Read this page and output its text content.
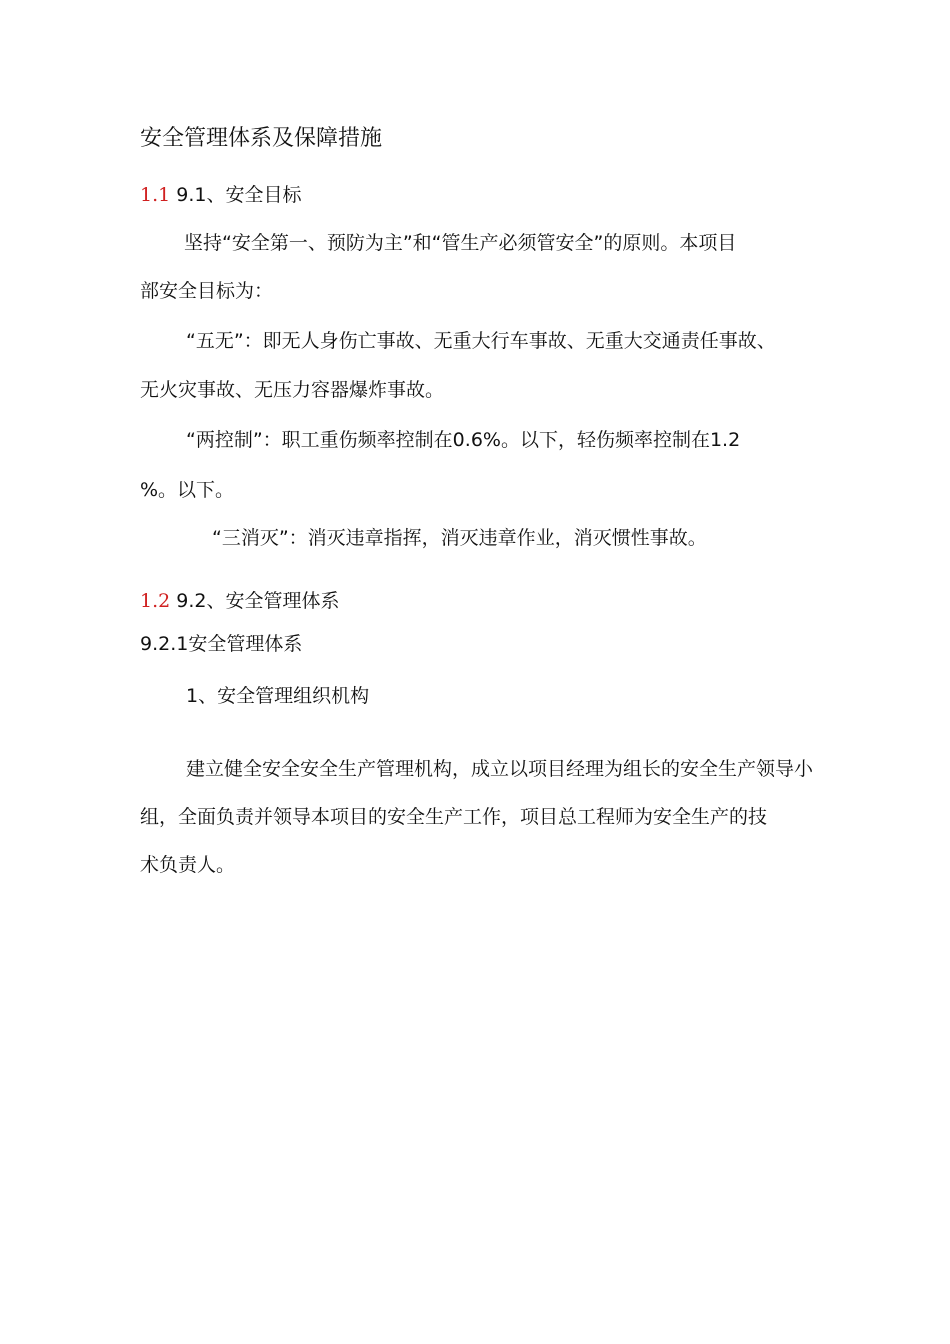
安全管理体系及保障措施
1.1 9.1、安全目标
坚持“安全第一、预防为主”和“管生产必须管安全”的原则。本项目
部安全目标为：
“五无”：即无人身伤亡事故、无重大行车事故、无重大交通责任事故、
无火灾事故、无压力容器爆炸事故。
“两控制”：职工重伤频率控制在0.6%。以下，轻伤频率控制在1.2
%。以下。
“三消灭”：消灭违章指挥，消灭违章作业，消灭惯性事故。
1.2 9.2、安全管理体系
9.2.1安全管理体系
1、安全管理组织机构
建立健全安全安全生产管理机构，成立以项目经理为组长的安全生产领导小
组，全面负责并领导本项目的安全生产工作，项目总工程师为安全生产的技
术负责人。
